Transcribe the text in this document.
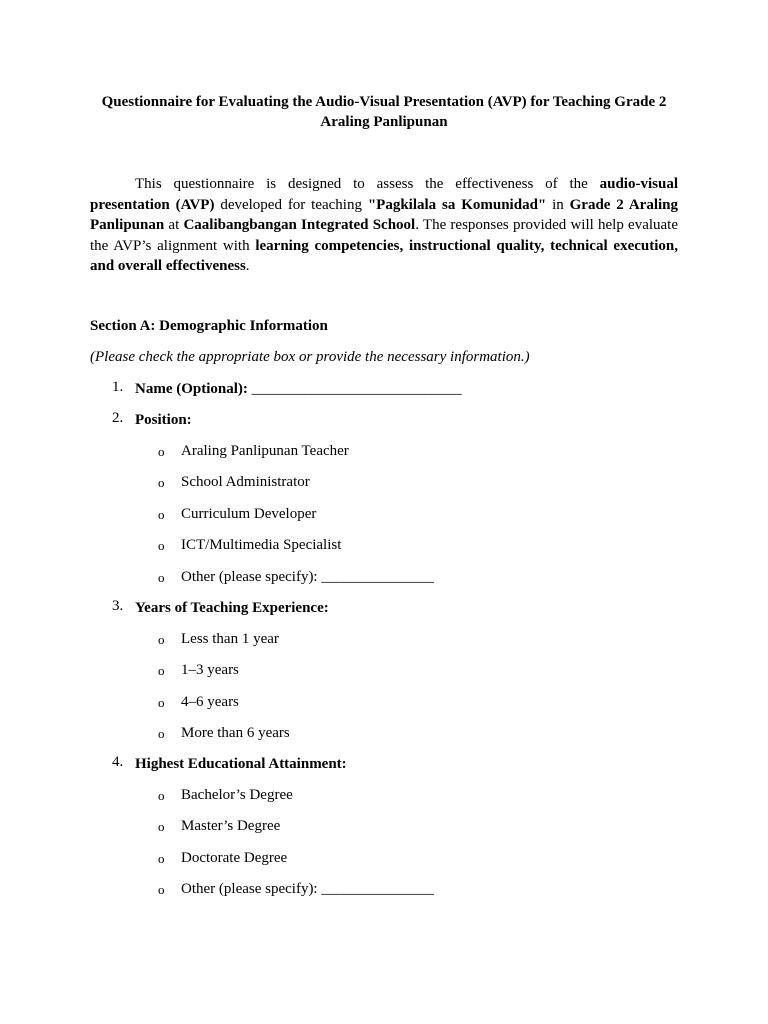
Questionnaire for Evaluating the Audio-Visual Presentation (AVP) for Teaching Grade 2 Araling Panlipunan

This questionnaire is designed to assess the effectiveness of the audio-visual presentation (AVP) developed for teaching "Pagkilala sa Komunidad" in Grade 2 Araling Panlipunan at Caalibangbangan Integrated School. The responses provided will help evaluate the AVP’s alignment with learning competencies, instructional quality, technical execution, and overall effectiveness.

Section A: Demographic Information

(Please check the appropriate box or provide the necessary information.)

1. Name (Optional): ____________________________
2. Position:
o Araling Panlipunan Teacher
o School Administrator
o Curriculum Developer
o ICT/Multimedia Specialist
o Other (please specify): _______________
3. Years of Teaching Experience:
o Less than 1 year
o 1–3 years
o 4–6 years
o More than 6 years
4. Highest Educational Attainment:
o Bachelor’s Degree
o Master’s Degree
o Doctorate Degree
o Other (please specify): _______________
